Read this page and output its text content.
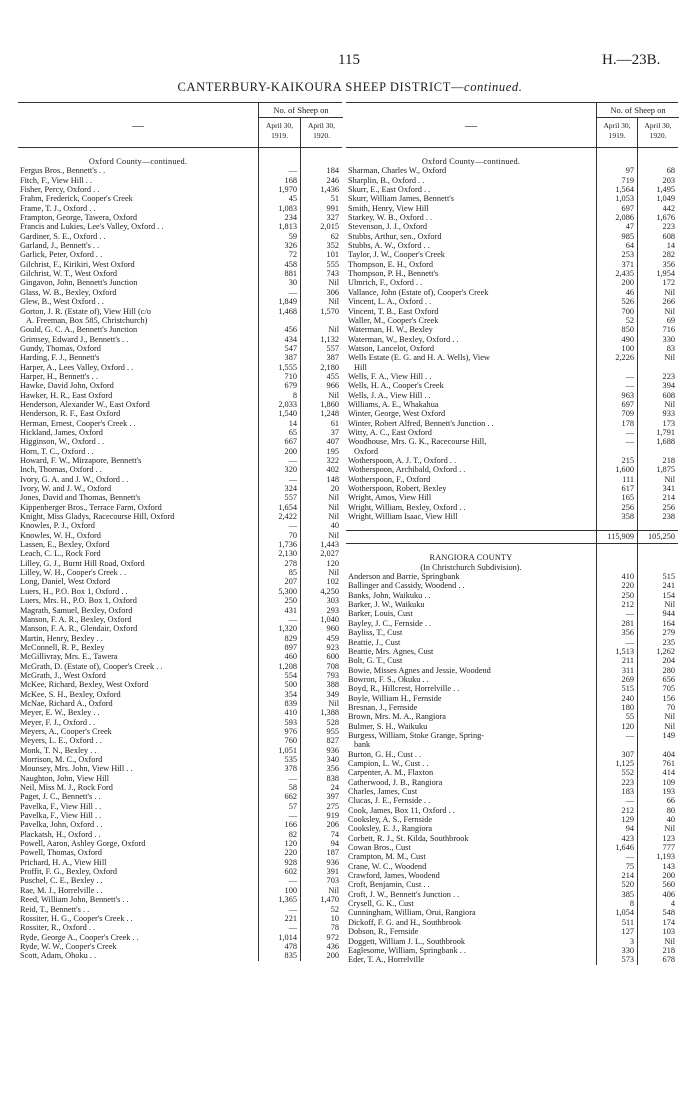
115	H.—23B.
CANTERBURY-KAIKOURA SHEEP DISTRICT—continued.
—
No. of Sheep on
April 30,
1919.
April 30,
1920.
Oxford County—continued.
Fergus Bros., Bennett's . .	—	184
Fitch, F., View Hill . .	168	246
Fisher, Percy, Oxford . .	1,970	1,436
Frahm, Frederick, Cooper's Creek	45	51
Frame, T. J., Oxford . .	1,083	991
Frampton, George, Tawera, Oxford	234	327
Francis and Lukies, Lee's Valley, Oxford . .	1,813	2,015
Gardiner, S. E., Oxford . .	59	62
Garland, J., Bennett's . .	326	352
Garlick, Peter, Oxford . .	72	101
Gilchrist, F., Kirikiri, West Oxford	458	555
Gilchrist, W. T., West Oxford	881	743
Gingavon, John, Bennett's Junction	30	Nil
Glass, W. B., Bexley, Oxford	—	306
Glew, B., West Oxford . .	1,849	Nil
Gorton, J. R. (Estate of), View Hill (c/o	1,468	1,570
A. Freeman, Box 585, Christchurch)
Gould, G. C. A., Bennett's Junction	456	Nil
Grimsey, Edward J., Bennett's . .	434	1,132
Gundy, Thomas, Oxford	547	557
Harding, F. J., Bennett's	387	387
Harper, A., Lees Valley, Oxford . .	1,555	2,180
Harper, H., Bennett's . .	710	455
Hawke, David John, Oxford	679	966
Hawker, H. R., East Oxford	8	Nil
Henderson, Alexander W., East Oxford	2,033	1,860
Henderson, R. F., East Oxford	1,540	1,248
Herman, Ernest, Cooper's Creek . .	14	61
Hickland, James, Oxford	65	37
Higginson, W., Oxford . .	667	407
Horn, T. C., Oxford . .	200	195
Howard, F. W., Mirzapore, Bennett's	—	322
Inch, Thomas, Oxford . .	320	402
Ivory, G. A. and J. W., Oxford . .	—	148
Ivory, W. and J. W., Oxford	324	20
Jones, David and Thomas, Bennett's	557	Nil
Kippenberger Bros., Terrace Farm, Oxford	1,654	Nil
Knight, Miss Gladys, Racecourse Hill, Oxford	2,422	Nil
Knowles, P. J., Oxford	—	40
Knowles, W. H., Oxford	70	Nil
Lassen, E., Bexley, Oxford	1,736	1,443
Leach, C. L., Rock Ford	2,130	2,027
Lilley, G. J., Burnt Hill Road, Oxford	278	120
Lilley, W. H., Cooper's Creek . .	85	Nil
Long, Daniel, West Oxford	207	102
Luers, H., P.O. Box 1, Oxford . .	5,300	4,250
Luers, Mrs. H., P.O. Box 1, Oxford	250	303
Magrath, Samuel, Bexley, Oxford	431	293
Manson, F. A. R., Bexley, Oxford	—	1,040
Manson, F. A. R., Glendair, Oxford	1,320	960
Martin, Henry, Bexley . .	829	459
McConnell, R. P., Bexley	897	923
McGillivray, Mrs. E., Tawera	460	600
McGrath, D. (Estate of), Cooper's Creek . .	1,208	708
McGrath, J., West Oxford	554	793
McKee, Richard, Bexley, West Oxford	500	388
McKee, S. H., Bexley, Oxford	354	349
McNae, Richard A., Oxford	839	Nil
Meyer, E. W., Bexley . .	410	1,388
Meyer, F. J., Oxford . .	593	528
Meyers, A., Cooper's Creek	976	955
Meyers, L. E., Oxford . .	760	827
Monk, T. N., Bexley . .	1,051	936
Morrison, M. C., Oxford	535	340
Mounsey, Mrs. John, View Hill . .	378	356
Naughton, John, View Hill	—	838
Neil, Miss M. J., Rock Ford	58	24
Paget, J. C., Bennett's . .	662	397
Pavelka, F., View Hill . .	57	275
Pavelka, F., View Hill . .	—	919
Pavelka, John, Oxford . .	166	206
Plackatsh, H., Oxford . .	82	74
Powell, Aaron, Ashley Gorge, Oxford	120	94
Powell, Thomas, Oxford	220	187
Prichard, H. A., View Hill	928	936
Proffit, F. G., Bexley, Oxford	602	391
Puschel, C. E., Bexley . .	—	703
Rae, M. J., Horrelville . .	100	Nil
Reed, William John, Bennett's . .	1,365	1,470
Reid, T., Bennett's . .	—	52
Rossiter, H. G., Cooper's Creek . .	221	10
Rossiter, R., Oxford . .	—	78
Ryde, George A., Cooper's Creek . .	1,014	972
Ryde, W. W., Cooper's Creek	478	436
Scott, Adam, Ohoku . .	835	200
—
No. of Sheep on
April 30,
1919.
April 30,
1920.
Oxford County—continued.
Sharman, Charles W., Oxford	97	68
Sharplin, B., Oxford . .	719	203
Skurr, E., East Oxford . .	1,564	1,495
Skurr, William James, Bennett's	1,053	1,049
Smith, Henry, View Hill	697	442
Starkey, W. B., Oxford . .	2,086	1,676
Stevenson, J. J., Oxford	47	223
Stubbs, Arthur, sen., Oxford	985	608
Stubbs, A. W., Oxford . .	64	14
Taylor, J. W., Cooper's Creek	253	282
Thompson, E. H., Oxford	371	356
Thompson, P. H., Bennett's	2,435	1,954
Ulmrich, F., Oxford . .	200	172
Vallance, John (Estate of), Cooper's Creek	46	Nil
Vincent, L. A., Oxford . .	526	266
Vincent, T. B., East Oxford	700	Nil
Waller, M., Cooper's Creek	52	69
Waterman, H. W., Bexley	850	716
Waterman, W., Bexley, Oxford . .	490	330
Watson, Lancelot, Oxford	100	83
Wells Estate (E. G. and H. A. Wells), View	2,226	Nil
Hill
Wells, F. A., View Hill . .	—	223
Wells, H. A., Cooper's Creek	—	394
Wells, J. A., View Hill . .	963	608
Williams, A. E., Whakahua	697	Nil
Winter, George, West Oxford	709	933
Winter, Robert Alfred, Bennett's Junction . .	178	173
Witty, A. C., East Oxford	—	1,791
Woodhouse, Mrs. G. K., Racecourse Hill,	—	1,688
Oxford
Wotherspoon, A. J. T., Oxford . .	215	218
Wotherspoon, Archibald, Oxford . .	1,600	1,875
Wotherspoon, F., Oxford	111	Nil
Wotherspoon, Robert, Bexley	617	341
Wright, Amos, View Hill	165	214
Wright, William, Bexley, Oxford . .	256	256
Wright, William Isaac, View Hill	358	238
115,909	105,250
RANGIORA COUNTY
(In Christchurch Subdivision).
Anderson and Barrie, Springbank	410	515
Ballinger and Cassidy, Woodend . .	220	241
Banks, John, Waikuku . .	250	154
Barker, J. W., Waikuku	212	Nil
Barker, Louis, Cust	—	944
Bayley, J. C., Fernside . .	281	164
Bayliss, T., Cust	356	279
Beattie, J., Cust	—	235
Beattie, Mrs. Agnes, Cust	1,513	1,262
Bolt, G. T., Cust	211	204
Bowie, Misses Agnes and Jessie, Woodend	311	280
Bowron, F. S., Okuku . .	269	656
Boyd, R., Hillcrest, Horrelville . .	515	705
Boyle, William H., Fernside	240	156
Bresnan, J., Fernside	180	70
Brown, Mrs. M. A., Rangiora	55	Nil
Bulmer, S. H., Waikuku	120	Nil
Burgess, William, Stoke Grange, Spring-	—	149
bank
Burton, G. H., Cust . .	307	404
Campion, L. W., Cust . .	1,125	761
Carpenter, A. M., Flaxton	552	414
Catherwood, J. B., Rangiora	223	109
Charles, James, Cust	183	193
Clucas, J. E., Fernside . .	—	66
Cook, James, Box 11, Oxford . .	212	80
Cooksley, A. S., Fernside	129	40
Cooksley, E. J., Rangiora	94	Nil
Corbett, R. J., St. Kilda, Southbrook	423	123
Cowan Bros., Cust	1,646	777
Crampton, M. M., Cust	—	1,193
Crane, W. C., Woodend	75	143
Crawford, James, Woodend	214	200
Croft, Benjamin, Cust . .	520	560
Croft, J. W., Bennett's Junction . .	385	406
Crysell, G. K., Cust	8	4
Cunningham, William, Orui, Rangiora	1,054	548
Dickoff, F. G. and H., Southbrook	511	174
Dobson, R., Fernside	127	103
Doggett, William J. L., Southbrook	3	Nil
Eaglesome, William, Springbank . .	330	218
Eder, T. A., Horrelville	573	678
